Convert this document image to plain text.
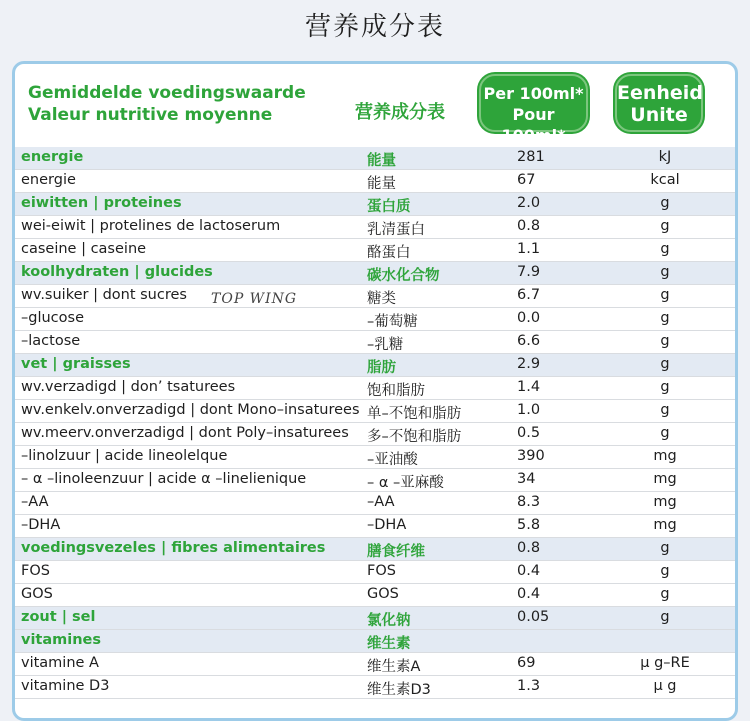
营养成分表
Gemiddelde voedingswaarde
Valeur nutritive moyenne	营养成分表
Per 100ml*
Pour 100ml*
Eenheid
Unite
energie	能量	281	kJ
energie	能量	67	kcal
eiwitten | proteines	蛋白质	2.0	g
wei-eiwit | protelines de lactoserum	乳清蛋白	0.8	g
caseine | caseine	酪蛋白	1.1	g
koolhydraten | glucides	碳水化合物	7.9	g
wv.suiker | dont sucres	糖类	6.7	g
–glucose	–葡萄糖	0.0	g
–lactose	–乳糖	6.6	g
vet | graisses	脂肪	2.9	g
wv.verzadigd | don’ tsaturees	饱和脂肪	1.4	g
wv.enkelv.onverzadigd | dont Mono–insaturees 单–不饱和脂肪	1.0	g
wv.meerv.onverzadigd | dont Poly–insaturees 多–不饱和脂肪	0.5	g
–linolzuur | acide lineolelque	–亚油酸	390	mg
– α –linoleenzuur | acide α –linelienique	– α –亚麻酸	34	mg
–AA	–AA	8.3	mg
–DHA	–DHA	5.8	mg
voedingsvezeles | fibres alimentaires	膳食纤维	0.8	g
FOS	FOS	0.4	g
GOS	GOS	0.4	g
zout | sel	氯化钠	0.05	g
vitamines	维生素
vitamine A	维生素A	69	μ g–RE
vitamine D3	维生素D3	1.3	μ g
TOP WING
